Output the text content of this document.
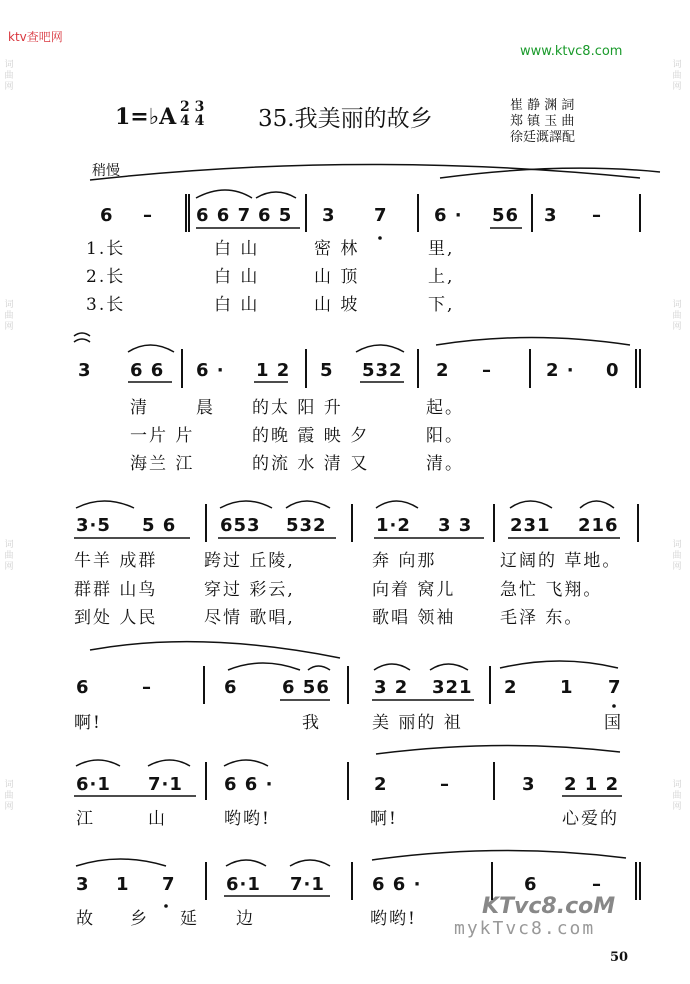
ktv查吧网
www.ktvc8.com
词曲网
词曲网
词曲网
词曲网
词曲网
词曲网
词曲网
词曲网
1=♭A 2 3
4 4 35.我美丽的故乡
崔 静 渊 詞
郑 镇 玉 曲
徐廷溉譯配
稍慢
6 – 6 6 7 6 5 3 7	6 · 56 3 –
1.长	白 山	密 林	里,
2.长	白 山	山 顶	上,
3.长	白 山	山 坡	下,
3 6 6 6 · 1 2 5 532 2 –	2 · 0
清	晨 的太 阳 升	起。
一片 片	的晚 霞 映 夕	阳。
海兰 江	的流 水 清 又	清。
3·5 5 6 653 532	1·2 3 3 231 216
牛羊 成群	跨过 丘陵,	奔 向那	辽阔的 草地。
群群 山鸟	穿过 彩云,	向着 窝儿	急忙 飞翔。
到处 人民	尽情 歌唱,	歌唱 领袖	毛泽 东。
6	–	6 6 56 3 2 321 2 1 7
啊!	我	美 丽的 祖	国
6·1 7·1 6 6 ·	2	–	3 2 1 2
江	山	哟哟!	啊!	心爱的
3 1 7	6·1 7·1	6 6 ·	6	–
故 乡 延 边	哟哟!	KTvc8.coM
mykTvc8.com
50
